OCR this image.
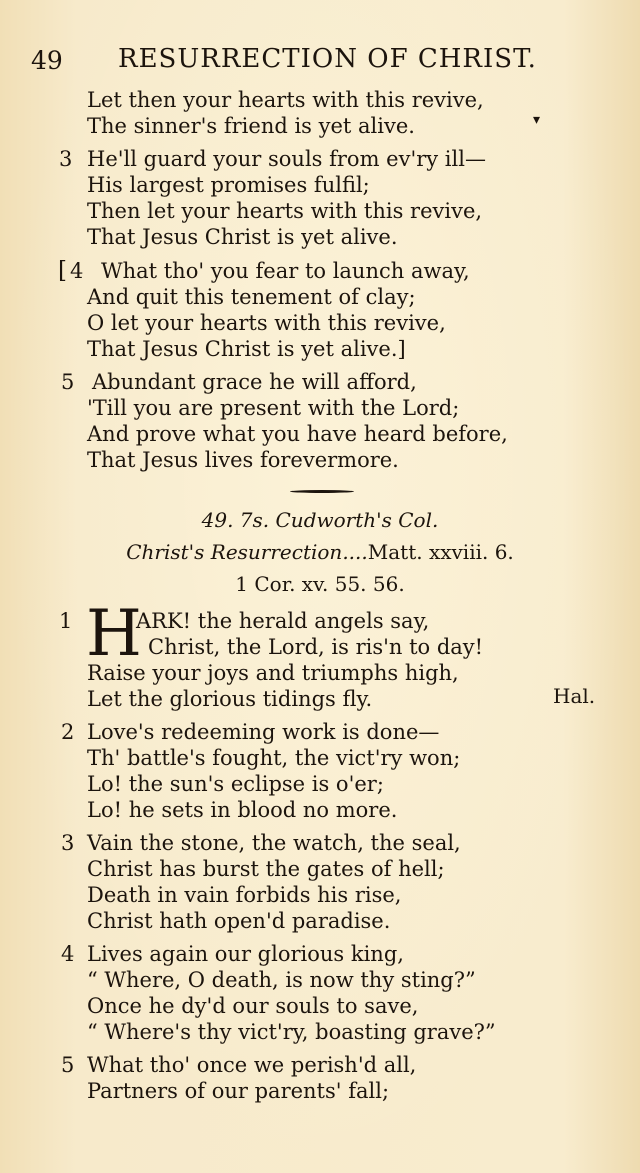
49 RESURRECTION OF CHRIST.
▾
Let then your hearts with this revive,
The sinner's friend is yet alive.
3 He'll guard your souls from ev'ry ill—
His largest promises fulfil;
Then let your hearts with this revive,
That Jesus Christ is yet alive.
[ 4 What tho' you fear to launch away,
And quit this tenement of clay;
O let your hearts with this revive,
That Jesus Christ is yet alive.]
5 Abundant grace he will afford,
'Till you are present with the Lord;
And prove what you have heard before,
That Jesus lives forevermore.
49. 7s. Cudworth's Col.
Christ's Resurrection....Matt. xxviii. 6.
1 Cor. xv. 55. 56.
1 H
ARK! the herald angels say,
Christ, the Lord, is ris'n to day!
Raise your joys and triumphs high,
Let the glorious tidings fly.	Hal.
2 Love's redeeming work is done—
Th' battle's fought, the vict'ry won;
Lo! the sun's eclipse is o'er;
Lo! he sets in blood no more.
3 Vain the stone, the watch, the seal,
Christ has burst the gates of hell;
Death in vain forbids his rise,
Christ hath open'd paradise.
4 Lives again our glorious king,
“ Where, O death, is now thy sting?”
Once he dy'd our souls to save,
“ Where's thy vict'ry, boasting grave?”
5 What tho' once we perish'd all,
Partners of our parents' fall;
